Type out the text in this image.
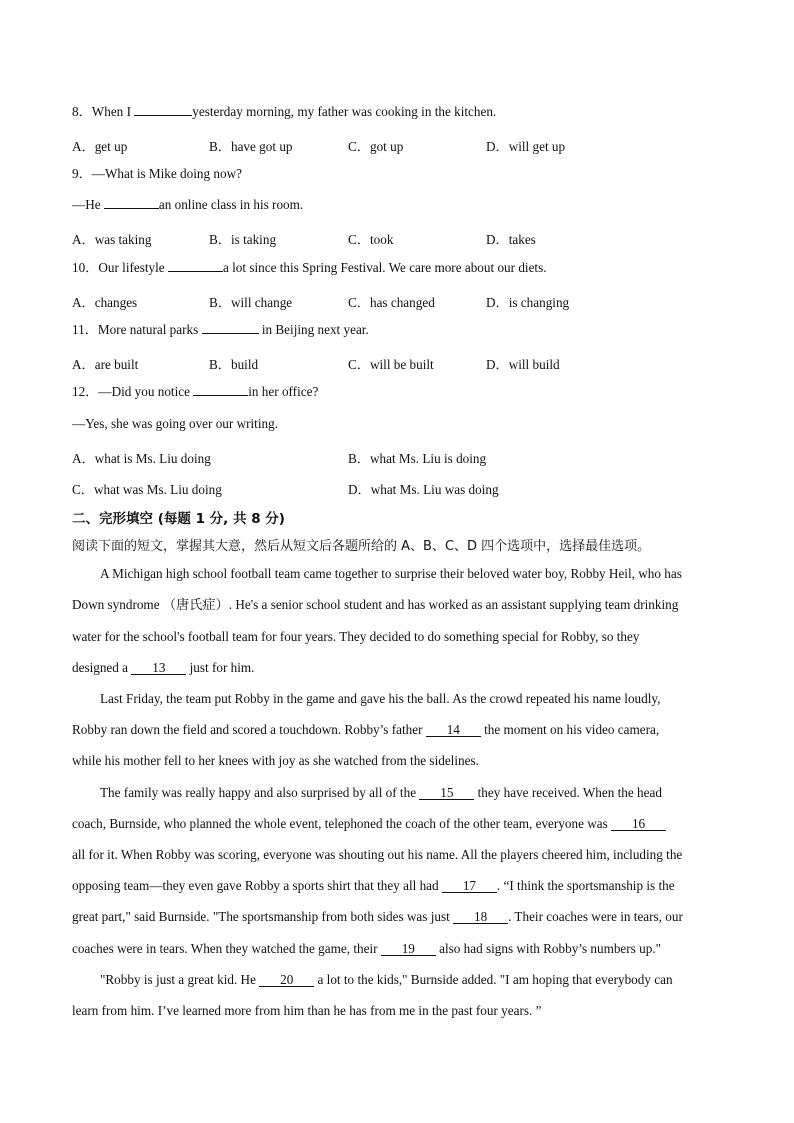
8．When I	yesterday morning, my father was cooking in the kitchen.
A．get up	B．have got up	C．got up	D．will get up
9．—What is Mike doing now?
—He	an online class in his room.
A．was taking	B．is taking	C．took	D．takes
10．Our lifestyle	a lot since this Spring Festival. We care more about our diets.
A．changes	B．will change	C．has changed	D．is changing
11．More natural parks	in Beijing next year.
A．are built	B．build	C．will be built	D．will build
12．—Did you notice	in her office?
—Yes, she was going over our writing.
A．what is Ms. Liu doing	B．what Ms. Liu is doing
C．what was Ms. Liu doing	D．what Ms. Liu was doing
二、完形填空 (每题 1 分, 共 8 分)
阅读下面的短文，掌握其大意，然后从短文后各题所给的 A、B、C、D 四个选项中，选择最佳选项。
A Michigan high school football team came together to surprise their beloved water boy, Robby Heil, who has
Down syndrome （唐氏症）. He's a senior school student and has worked as an assistant supplying team drinking
water for the school's football team for four years. They decided to do something special for Robby, so they
designed a 13 just for him.
Last Friday, the team put Robby in the game and gave his the ball. As the crowd repeated his name loudly,
Robby ran down the field and scored a touchdown. Robby’s father 14 the moment on his video camera,
while his mother fell to her knees with joy as she watched from the sidelines.
The family was really happy and also surprised by all of the 15 they have received. When the head
coach, Burnside, who planned the whole event, telephoned the coach of the other team, everyone was 16
all for it. When Robby was scoring, everyone was shouting out his name. All the players cheered him, including the
opposing team—they even gave Robby a sports shirt that they all had 17 . “I think the sportsmanship is the
great part," said Burnside. "The sportsmanship from both sides was just 18 . Their coaches were in tears, our
coaches were in tears. When they watched the game, their 19 also had signs with Robby’s numbers up."
"Robby is just a great kid. He 20 a lot to the kids," Burnside added. "I am hoping that everybody can
learn from him. I’ve learned more from him than he has from me in the past four years. ”
